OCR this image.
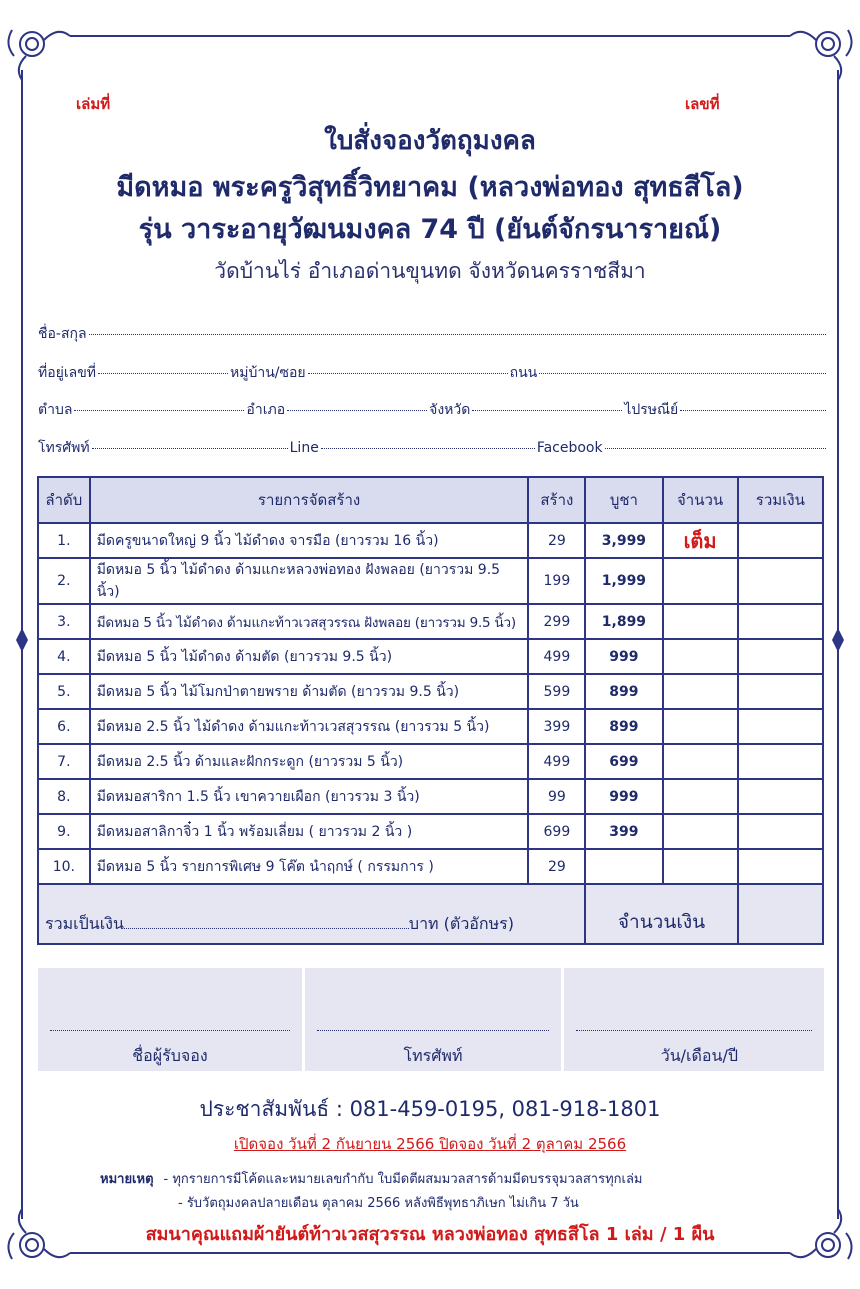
เล่มที่	เลขที่
ใบสั่งจองวัตถุมงคล
มีดหมอ พระครูวิสุทธิ์วิทยาคม (หลวงพ่อทอง สุทธสีโล)
รุ่น วาระอายุวัฒนมงคล 74 ปี (ยันต์จักรนารายณ์)
วัดบ้านไร่ อำเภอด่านขุนทด จังหวัดนครราชสีมา
ชื่อ-สกุล
ที่อยู่เลขที่	หมู่บ้าน/ซอย	ถนน
ตำบล	อำเภอ	จังหวัด	ไปรษณีย์
โทรศัพท์	Line	Facebook
ลำดับ	รายการจัดสร้าง	สร้าง	บูชา	จำนวน	รวมเงิน
1.	มีดครูขนาดใหญ่ 9 นิ้ว ไม้ดำดง จารมือ (ยาวรวม 16 นิ้ว)	29	3,999	เต็ม	
2.	มีดหมอ 5 นิ้ว ไม้ดำดง ด้ามแกะหลวงพ่อทอง ฝังพลอย (ยาวรวม 9.5 นิ้ว)	199	1,999		
3.	มีดหมอ 5 นิ้ว ไม้ดำดง ด้ามแกะท้าวเวสสุวรรณ ฝังพลอย (ยาวรวม 9.5 นิ้ว)	299	1,899		
4.	มีดหมอ 5 นิ้ว ไม้ดำดง ด้ามตัด (ยาวรวม 9.5 นิ้ว)	499	999		
5.	มีดหมอ 5 นิ้ว ไม้โมกป่าตายพราย ด้ามตัด (ยาวรวม 9.5 นิ้ว)	599	899		
6.	มีดหมอ 2.5 นิ้ว ไม้ดำดง ด้ามแกะท้าวเวสสุวรรณ (ยาวรวม 5 นิ้ว)	399	899		
7.	มีดหมอ 2.5 นิ้ว ด้ามและฝักกระดูก (ยาวรวม 5 นิ้ว)	499	699		
8.	มีดหมอสาริกา 1.5 นิ้ว เขาควายเผือก (ยาวรวม 3 นิ้ว)	99	999		
9.	มีดหมอสาลิกาจิ๋ว 1 นิ้ว พร้อมเลี่ยม ( ยาวรวม 2 นิ้ว )	699	399		
10.	มีดหมอ 5 นิ้ว รายการพิเศษ 9 โค๊ต นำฤกษ์ ( กรรมการ )	29			
รวมเป็นเงิน บาท (ตัวอักษร)			จำนวนเงิน		
ชื่อผู้รับจอง	โทรศัพท์	วัน/เดือน/ปี
ประชาสัมพันธ์ : 081-459-0195, 081-918-1801
เปิดจอง วันที่ 2 กันยายน 2566 ปิดจอง วันที่ 2 ตุลาคม 2566
หมายเหตุ - ทุกรายการมีโค้ดและหมายเลขกำกับ ใบมีดตีผสมมวลสารด้ามมีดบรรจุมวลสารทุกเล่ม
- รับวัตถุมงคลปลายเดือน ตุลาคม 2566 หลังพิธีพุทธาภิเษก ไม่เกิน 7 วัน
สมนาคุณแถมผ้ายันต์ท้าวเวสสุวรรณ หลวงพ่อทอง สุทธสีโล 1 เล่ม / 1 ผืน
